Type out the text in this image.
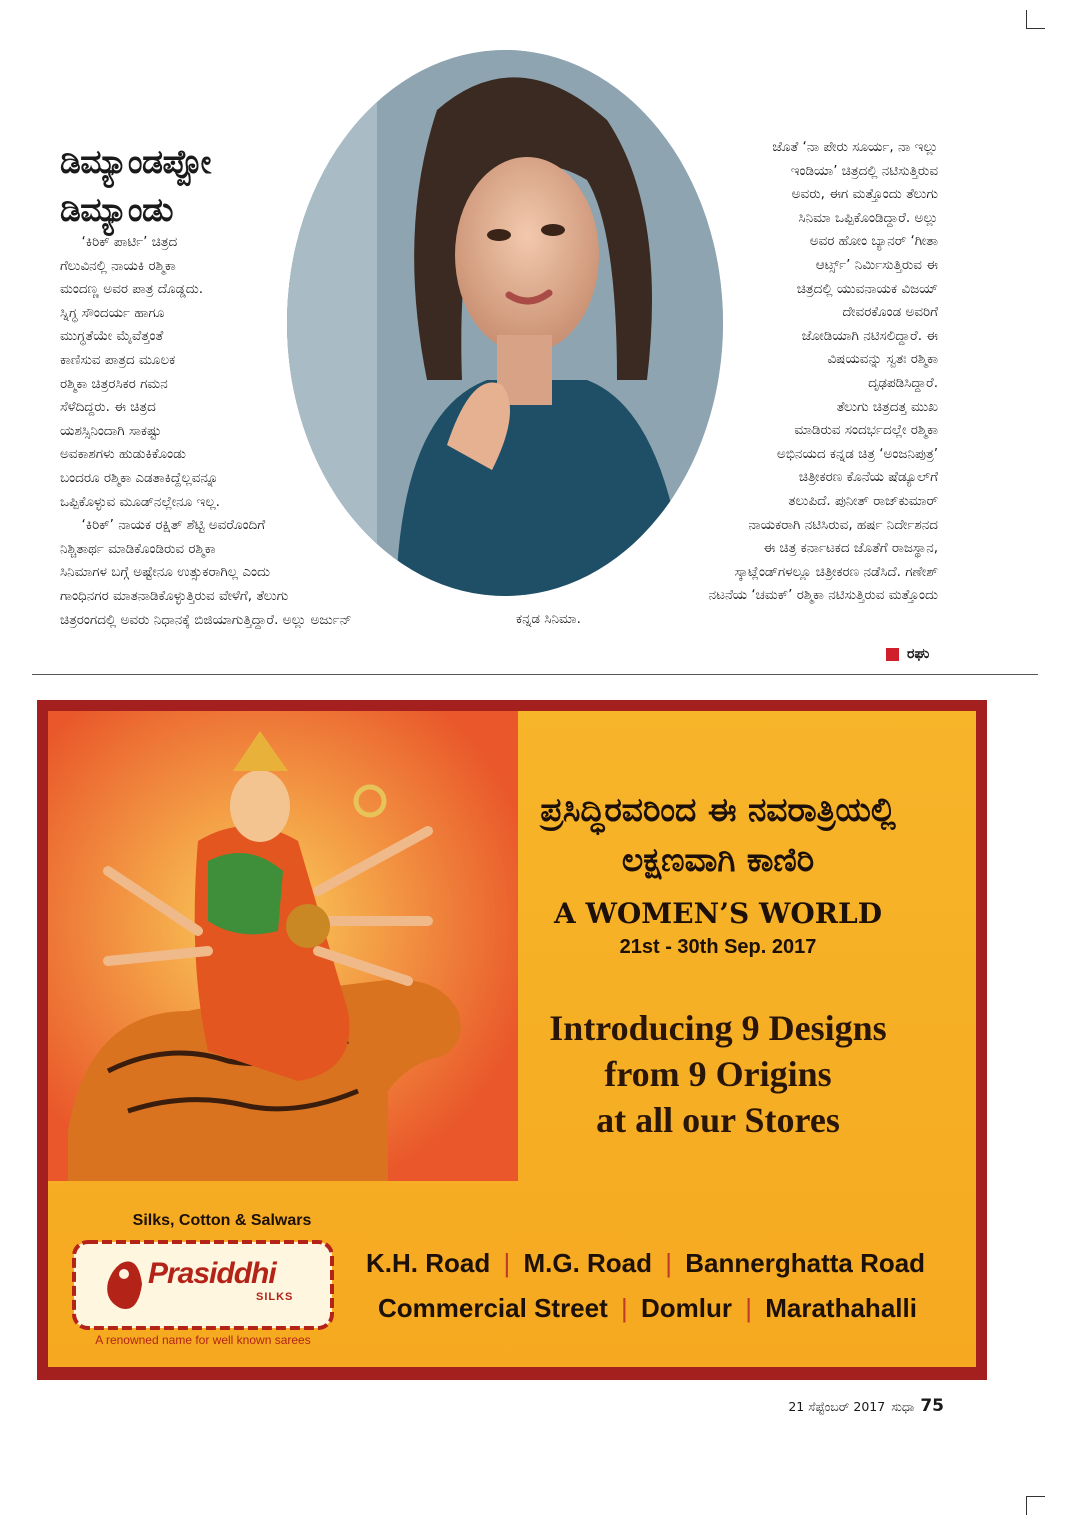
ಡಿಮ್ಯಾಂಡಪ್ಪೋ
ಡಿಮ್ಯಾಂಡು
‘ಕಿರಿಕ್ ಪಾರ್ಟಿ’ ಚಿತ್ರದ
ಗೆಲುವಿನಲ್ಲಿ ನಾಯಕಿ ರಶ್ಮಿಕಾ
ಮಂದಣ್ಣ ಅವರ ಪಾತ್ರ ದೊಡ್ಡದು.
ಸ್ನಿಗ್ಧ ಸೌಂದರ್ಯ ಹಾಗೂ
ಮುಗ್ಧತೆಯೇ ಮೈವೆತ್ತಂತೆ
ಕಾಣಿಸುವ ಪಾತ್ರದ ಮೂಲಕ
ರಶ್ಮಿಕಾ ಚಿತ್ರರಸಿಕರ ಗಮನ
ಸೆಳೆದಿದ್ದರು. ಈ ಚಿತ್ರದ
ಯಶಸ್ಸಿನಿಂದಾಗಿ ಸಾಕಷ್ಟು
ಅವಕಾಶಗಳು ಹುಡುಕಿಕೊಂಡು
ಬಂದರೂ ರಶ್ಮಿಕಾ ಎಡತಾಕಿದ್ದೆಲ್ಲವನ್ನೂ
ಒಪ್ಪಿಕೊಳ್ಳುವ ಮೂಡ್‌ನಲ್ಲೇನೂ ಇಲ್ಲ.
‘ಕಿರಿಕ್’ ನಾಯಕ ರಕ್ಷಿತ್ ಶೆಟ್ಟಿ ಅವರೊಂದಿಗೆ
ನಿಶ್ಚಿತಾರ್ಥ ಮಾಡಿಕೊಂಡಿರುವ ರಶ್ಮಿಕಾ
ಸಿನಿಮಾಗಳ ಬಗ್ಗೆ ಅಷ್ಟೇನೂ ಉತ್ಸುಕರಾಗಿಲ್ಲ ಎಂದು
ಗಾಂಧಿನಗರ ಮಾತನಾಡಿಕೊಳ್ಳುತ್ತಿರುವ ವೇಳೆಗೆ, ತೆಲುಗು
ಚಿತ್ರರಂಗದಲ್ಲಿ ಅವರು ನಿಧಾನಕ್ಕೆ ಬಿಜಿಯಾಗುತ್ತಿದ್ದಾರೆ. ಅಲ್ಲು ಅರ್ಜುನ್
ಜೊತೆ ‘ನಾ ಪೇರು ಸೂರ್ಯ, ನಾ ಇಲ್ಲು
ಇಂಡಿಯಾ’ ಚಿತ್ರದಲ್ಲಿ ನಟಿಸುತ್ತಿರುವ
ಅವರು, ಈಗ ಮತ್ತೊಂದು ತೆಲುಗು
ಸಿನಿಮಾ ಒಪ್ಪಿಕೊಂಡಿದ್ದಾರೆ. ಅಲ್ಲು
ಅವರ ಹೋಂ ಬ್ಯಾನರ್ ‘ಗೀತಾ
ಆರ್ಟ್ಸ್’ ನಿರ್ಮಿಸುತ್ತಿರುವ ಈ
ಚಿತ್ರದಲ್ಲಿ ಯುವನಾಯಕ ವಿಜಯ್
ದೇವರಕೊಂಡ ಅವರಿಗೆ
ಜೋಡಿಯಾಗಿ ನಟಿಸಲಿದ್ದಾರೆ. ಈ
ವಿಷಯವನ್ನು ಸ್ವತಃ ರಶ್ಮಿಕಾ
ದೃಢಪಡಿಸಿದ್ದಾರೆ.
ತೆಲುಗು ಚಿತ್ರದತ್ತ ಮುಖ
ಮಾಡಿರುವ ಸಂದರ್ಭದಲ್ಲೇ ರಶ್ಮಿಕಾ
ಅಭಿನಯದ ಕನ್ನಡ ಚಿತ್ರ ‘ಅಂಜನಿಪುತ್ರ’
ಚಿತ್ರೀಕರಣ ಕೊನೆಯ ಷೆಡ್ಯೂಲ್‌ಗೆ
ತಲುಪಿದೆ. ಪುನೀತ್ ರಾಜ್‌ಕುಮಾರ್
ನಾಯಕರಾಗಿ ನಟಿಸಿರುವ, ಹರ್ಷ ನಿರ್ದೇಶನದ
ಈ ಚಿತ್ರ ಕರ್ನಾಟಕದ ಜೊತೆಗೆ ರಾಜಸ್ಥಾನ,
ಸ್ಕಾಟ್ಲೆಂಡ್‌ಗಳಲ್ಲೂ ಚಿತ್ರೀಕರಣ ನಡೆಸಿದೆ. ಗಣೇಶ್
ನಟನೆಯ ‘ಚಮಕ್’ ರಶ್ಮಿಕಾ ನಟಿಸುತ್ತಿರುವ ಮತ್ತೊಂದು
ಕನ್ನಡ ಸಿನಿಮಾ.
ರಘು
ಪ್ರಸಿದ್ಧಿರವರಿಂದ ಈ ನವರಾತ್ರಿಯಲ್ಲಿ
ಲಕ್ಷಣವಾಗಿ ಕಾಣಿರಿ
A WOMEN’S WORLD
21st - 30th Sep. 2017
Introducing 9 Designs
from 9 Origins
at all our Stores
Silks, Cotton & Salwars
Prasiddhi
SILKS
A renowned name for well known sarees
K.H. Road | M.G. Road | Bannerghatta Road
Commercial Street | Domlur | Marathahalli
21 ಸೆಪ್ಟೆಂಬರ್ 2017 ಸುಧಾ 75
